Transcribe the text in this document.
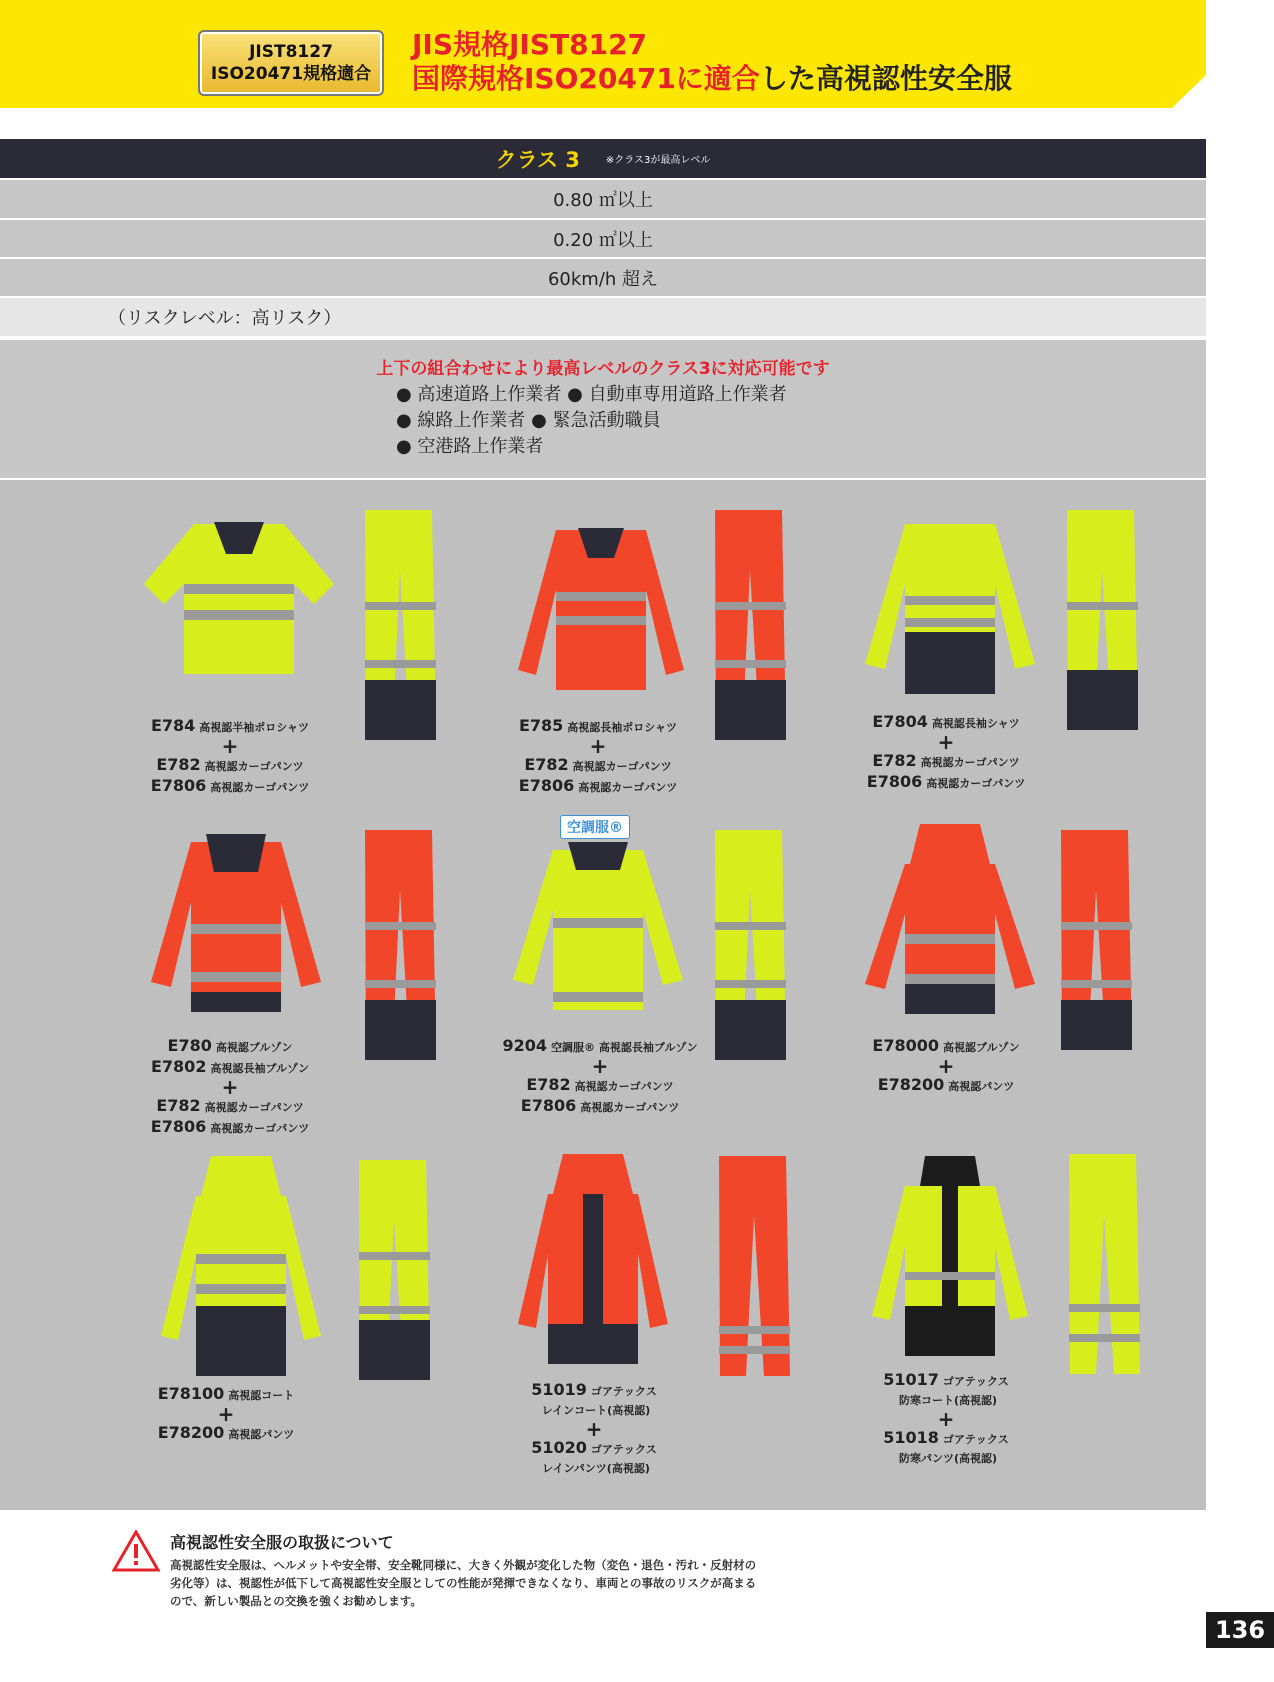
JIST8127
ISO20471規格適合
JIS規格JIST8127
国際規格ISO20471に適合した高視認性安全服
クラス 3	※クラス3が最高レベル
0.80 ㎡以上
0.20 ㎡以上
60km/h 超え
（リスクレベル：高リスク）
上下の組合わせにより最高レベルのクラス3に対応可能です
● 高速道路上作業者 ● 自動車専用道路上作業者
● 線路上作業者 ● 緊急活動職員
● 空港路上作業者
E784 高視認半袖ポロシャツ
+
E782 高視認カーゴパンツ
E7806 高視認カーゴパンツ
E785 高視認長袖ポロシャツ
+
E782 高視認カーゴパンツ
E7806 高視認カーゴパンツ
E7804 高視認長袖シャツ
+
E782 高視認カーゴパンツ
E7806 高視認カーゴパンツ
E780 高視認ブルゾン
E7802 高視認長袖ブルゾン
+
E782 高視認カーゴパンツ
E7806 高視認カーゴパンツ
空調服®
9204 空調服® 高視認長袖ブルゾン
+
E782 高視認カーゴパンツ
E7806 高視認カーゴパンツ
E78000 高視認ブルゾン
+
E78200 高視認パンツ
E78100 高視認コート
+
E78200 高視認パンツ
51019 ゴアテックス
レインコート(高視認)
+
51020 ゴアテックス
レインパンツ(高視認)
51017 ゴアテックス
防寒コート(高視認)
+
51018 ゴアテックス
防寒パンツ(高視認)
高視認性安全服の取扱について
高視認性安全服は、ヘルメットや安全帯、安全靴同様に、大きく外観が変化した物（変色・退色・汚れ・反射材の劣化等）は、視認性が低下して高視認性安全服としての性能が発揮できなくなり、車両との事故のリスクが高まるので、新しい製品との交換を強くお勧めします。
136
